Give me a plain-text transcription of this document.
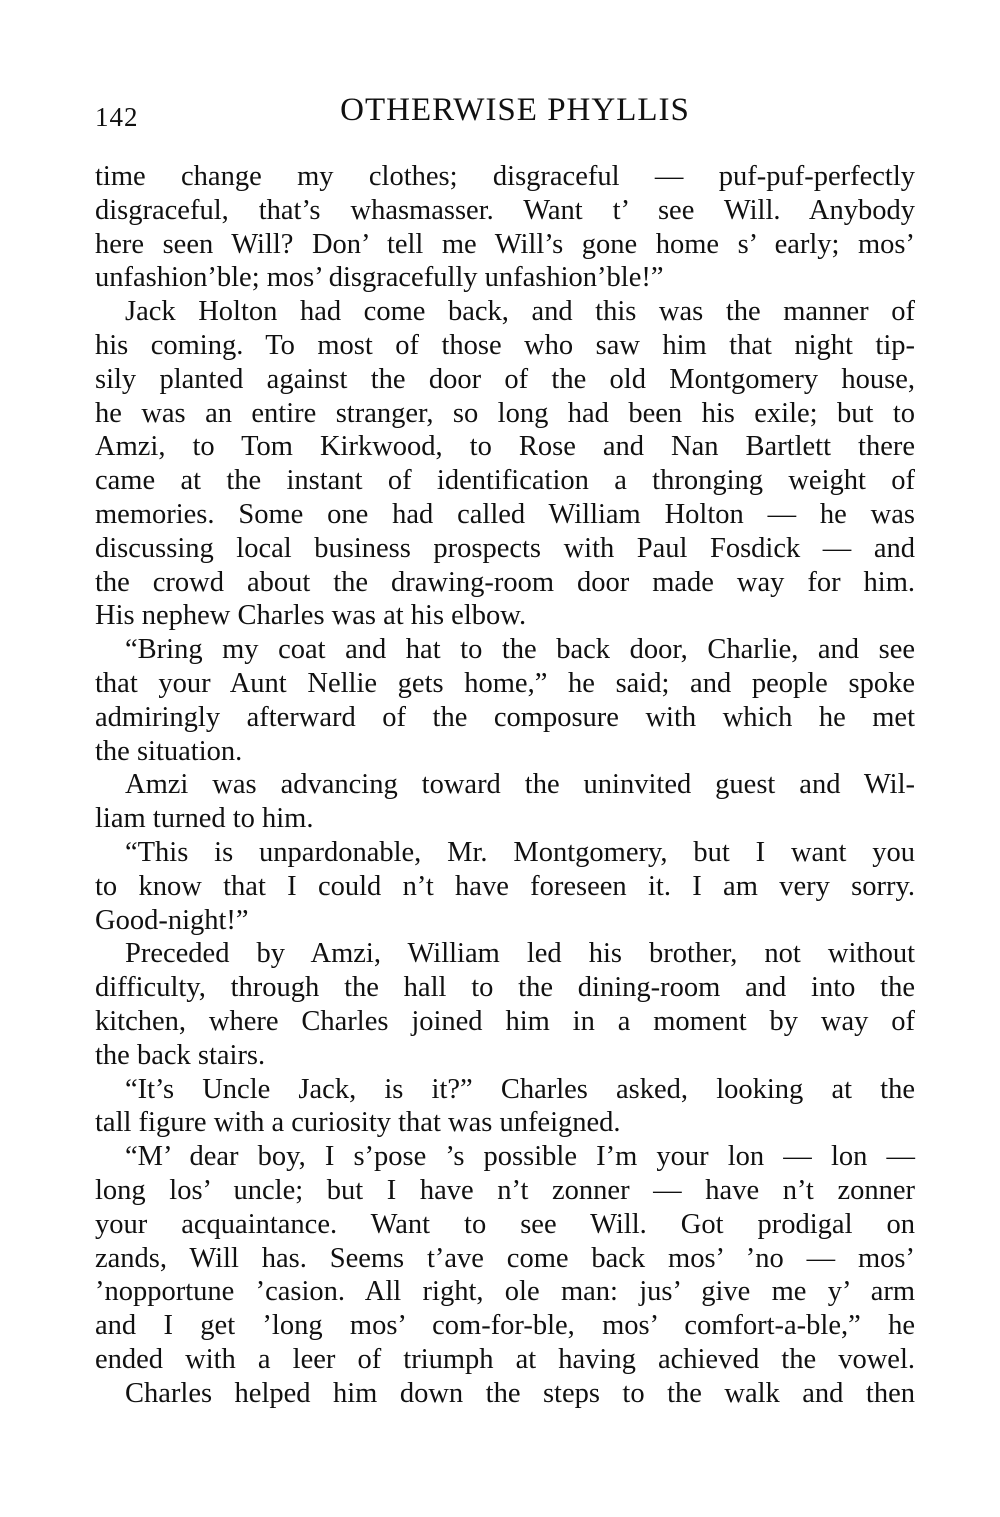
142	OTHERWISE PHYLLIS
time change my clothes; disgraceful — puf-puf-perfectly
disgraceful, that’s whasmasser. Want t’ see Will. Anybody
here seen Will? Don’ tell me Will’s gone home s’ early; mos’
unfashion’ble; mos’ disgracefully unfashion’ble!”
Jack Holton had come back, and this was the manner of
his coming. To most of those who saw him that night tip-
sily planted against the door of the old Montgomery house,
he was an entire stranger, so long had been his exile; but to
Amzi, to Tom Kirkwood, to Rose and Nan Bartlett there
came at the instant of identification a thronging weight of
memories. Some one had called William Holton — he was
discussing local business prospects with Paul Fosdick — and
the crowd about the drawing-room door made way for him.
His nephew Charles was at his elbow.
“Bring my coat and hat to the back door, Charlie, and see
that your Aunt Nellie gets home,” he said; and people spoke
admiringly afterward of the composure with which he met
the situation.
Amzi was advancing toward the uninvited guest and Wil-
liam turned to him.
“This is unpardonable, Mr. Montgomery, but I want you
to know that I could n’t have foreseen it. I am very sorry.
Good-night!”
Preceded by Amzi, William led his brother, not without
difficulty, through the hall to the dining-room and into the
kitchen, where Charles joined him in a moment by way of
the back stairs.
“It’s Uncle Jack, is it?” Charles asked, looking at the
tall figure with a curiosity that was unfeigned.
“M’ dear boy, I s’pose ’s possible I’m your lon — lon —
long los’ uncle; but I have n’t zonner — have n’t zonner
your acquaintance. Want to see Will. Got prodigal on
zands, Will has. Seems t’ave come back mos’ ’no — mos’
’nopportune ’casion. All right, ole man: jus’ give me y’ arm
and I get ’long mos’ com-for-ble, mos’ comfort-a-ble,” he
ended with a leer of triumph at having achieved the vowel.
Charles helped him down the steps to the walk and then
